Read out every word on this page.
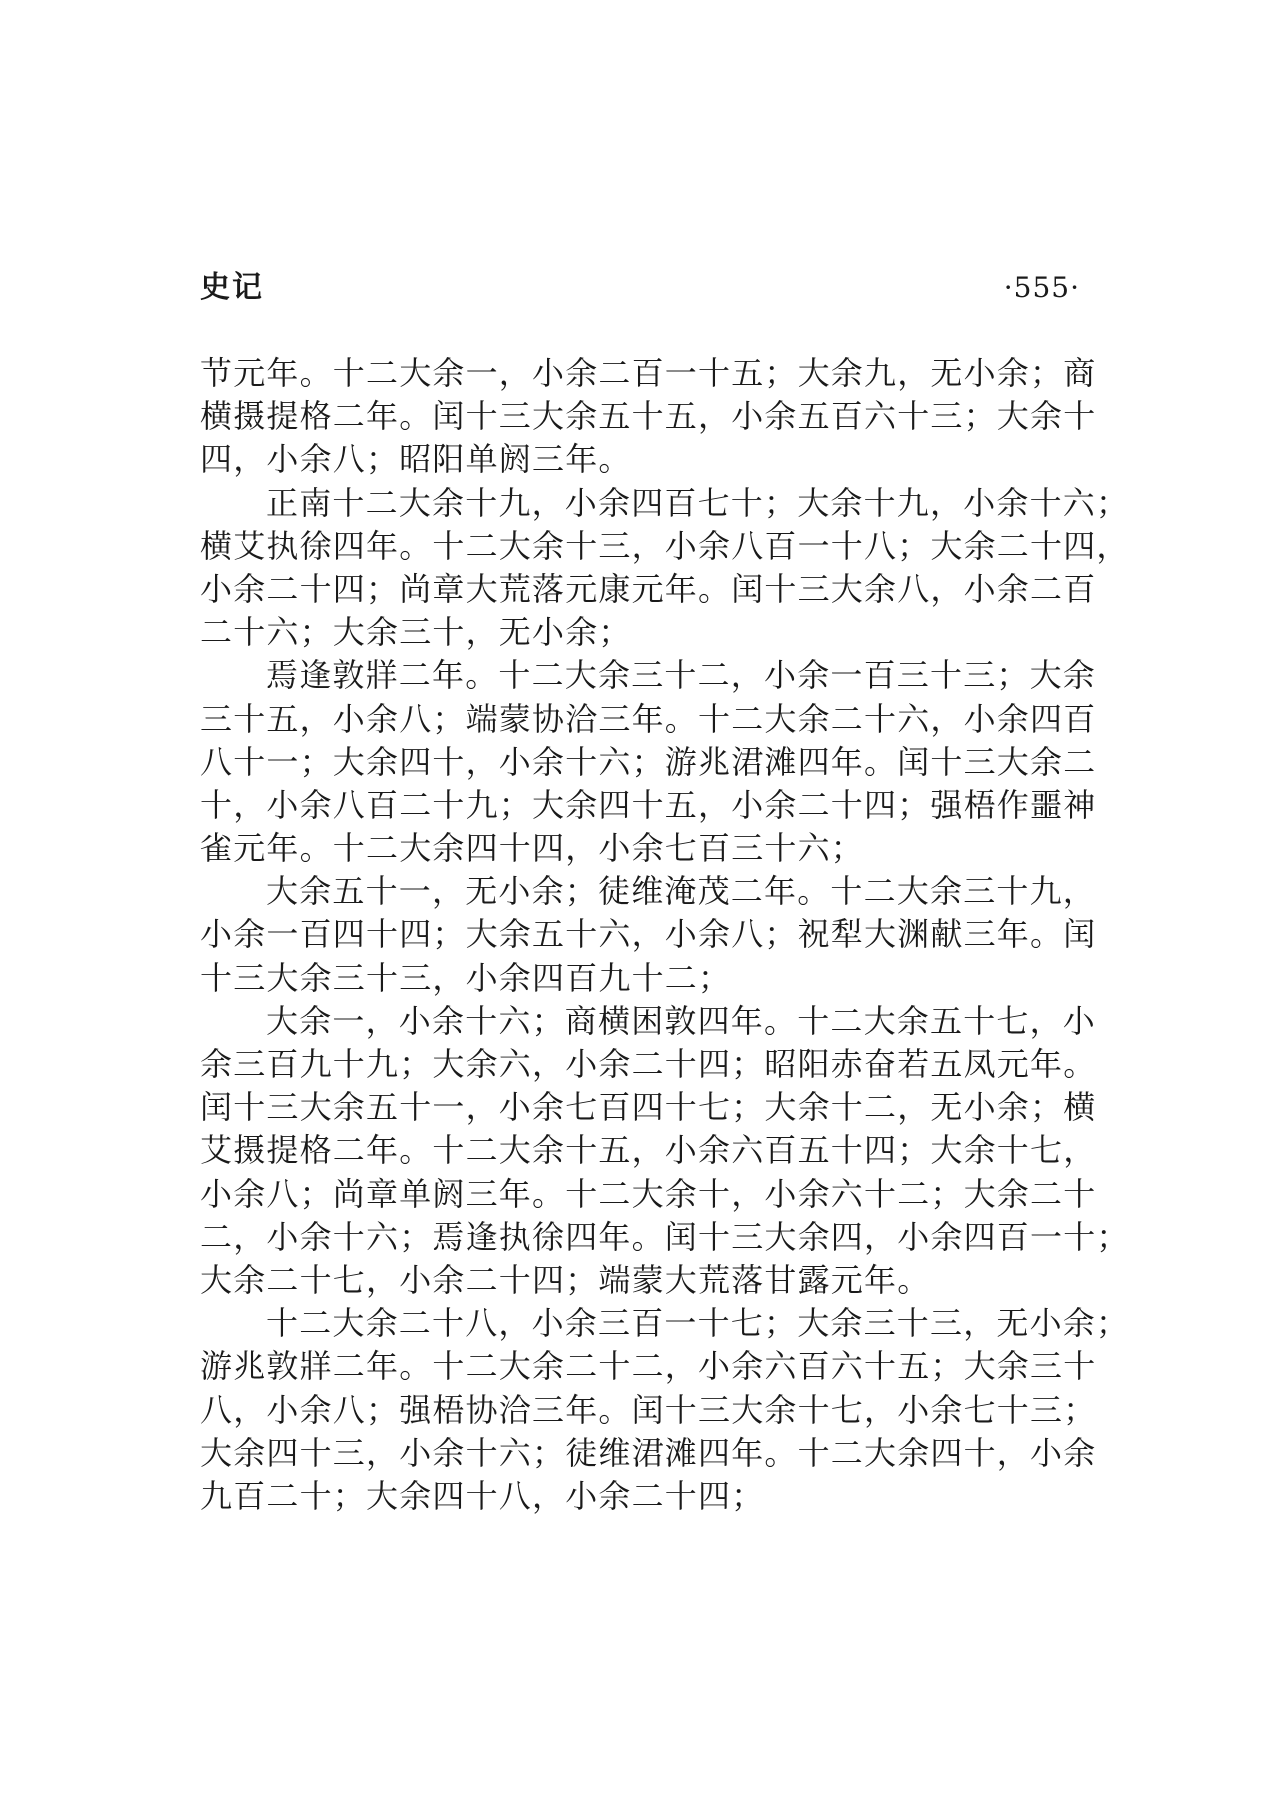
史记	·555·
节元年。十二大余一，小余二百一十五；大余九，无小余；商
横摄提格二年。闰十三大余五十五，小余五百六十三；大余十
四，小余八；昭阳单阏三年。
正南十二大余十九，小余四百七十；大余十九，小余十六；
横艾执徐四年。十二大余十三，小余八百一十八；大余二十四，
小余二十四；尚章大荒落元康元年。闰十三大余八，小余二百
二十六；大余三十，无小余；
焉逢敦牂二年。十二大余三十二，小余一百三十三；大余
三十五，小余八；端蒙协洽三年。十二大余二十六，小余四百
八十一；大余四十，小余十六；游兆涒滩四年。闰十三大余二
十，小余八百二十九；大余四十五，小余二十四；强梧作噩神
雀元年。十二大余四十四，小余七百三十六；
大余五十一，无小余；徒维淹茂二年。十二大余三十九，
小余一百四十四；大余五十六，小余八；祝犁大渊献三年。闰
十三大余三十三，小余四百九十二；
大余一，小余十六；商横困敦四年。十二大余五十七，小
余三百九十九；大余六，小余二十四；昭阳赤奋若五凤元年。
闰十三大余五十一，小余七百四十七；大余十二，无小余；横
艾摄提格二年。十二大余十五，小余六百五十四；大余十七，
小余八；尚章单阏三年。十二大余十，小余六十二；大余二十
二，小余十六；焉逢执徐四年。闰十三大余四，小余四百一十；
大余二十七，小余二十四；端蒙大荒落甘露元年。
十二大余二十八，小余三百一十七；大余三十三，无小余；
游兆敦牂二年。十二大余二十二，小余六百六十五；大余三十
八，小余八；强梧协洽三年。闰十三大余十七，小余七十三；
大余四十三，小余十六；徒维涒滩四年。十二大余四十，小余
九百二十；大余四十八，小余二十四；
